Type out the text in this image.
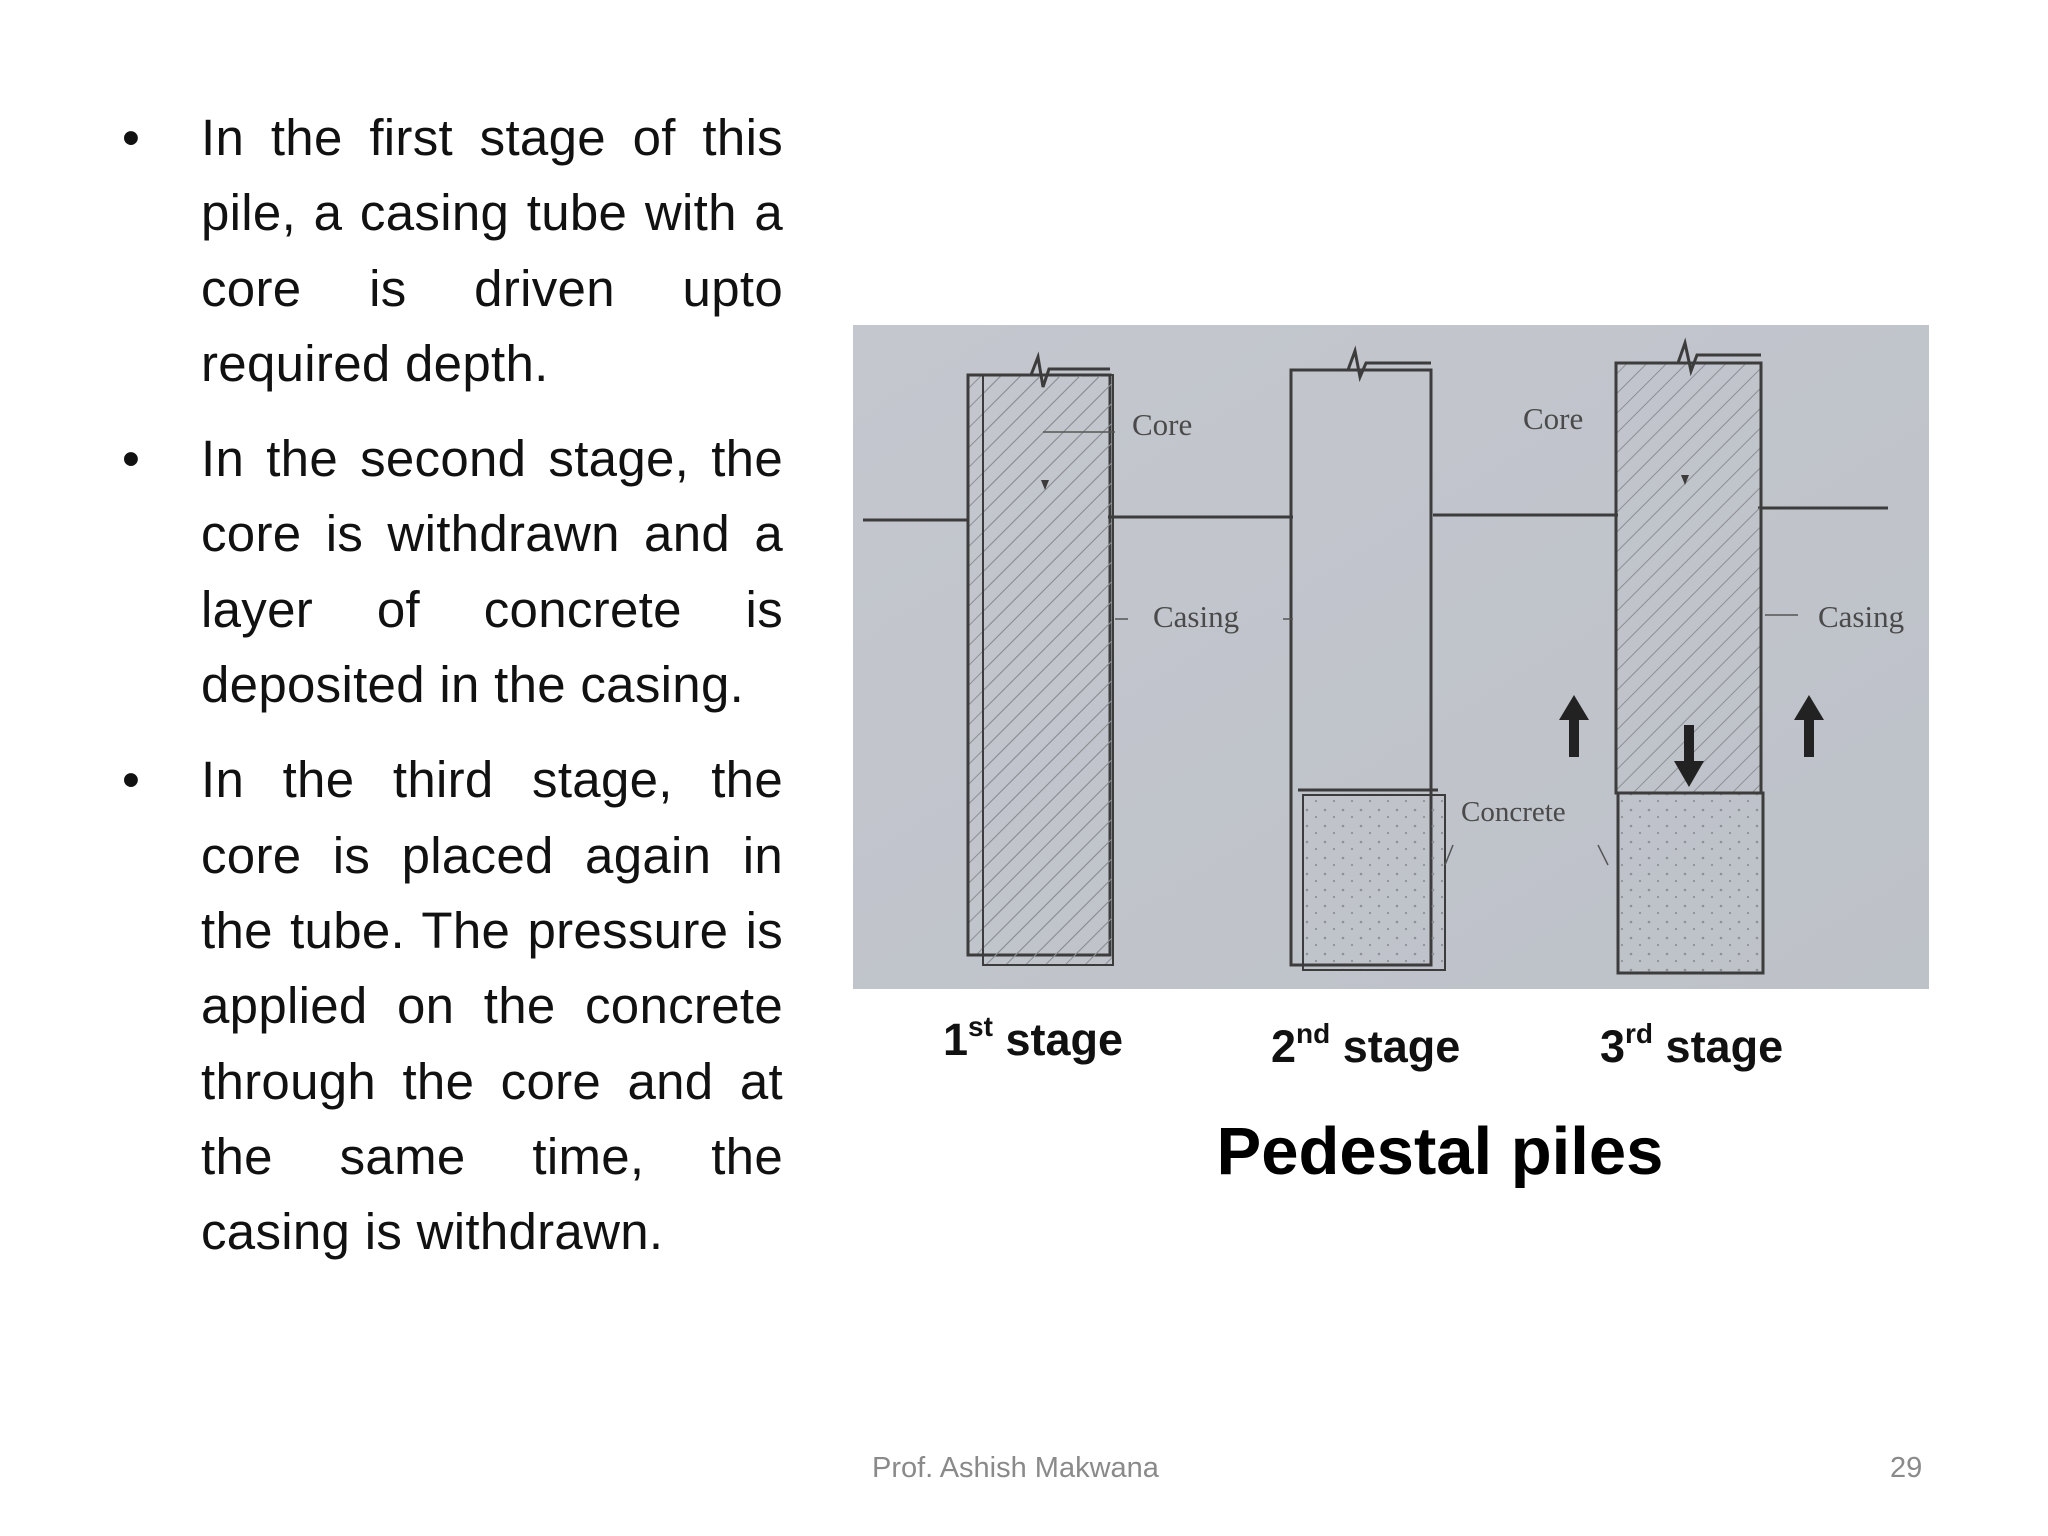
• In the first stage of this pile, a casing tube with a core is driven upto required depth.
• In the second stage, the core is withdrawn and a layer of concrete is deposited in the casing.
• In the third stage, the core is placed again in the tube. The pressure is applied on the concrete through the core and at the same time, the casing is withdrawn.
Core	Core
Casing	Casing
Concrete
1st stage	2nd stage	3rd stage
Pedestal piles
Prof. Ashish Makwana	29
